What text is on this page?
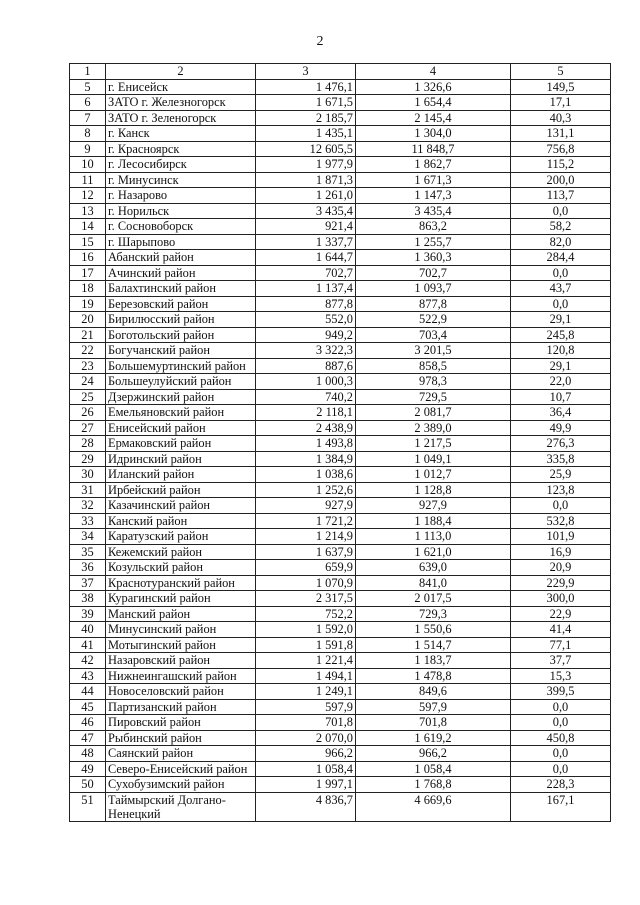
2
1	2	3	4	5
5	г. Енисейск	1 476,1	1 326,6	149,5
6	ЗАТО г. Железногорск	1 671,5	1 654,4	17,1
7	ЗАТО г. Зеленогорск	2 185,7	2 145,4	40,3
8	г. Канск	1 435,1	1 304,0	131,1
9	г. Красноярск	12 605,5	11 848,7	756,8
10	г. Лесосибирск	1 977,9	1 862,7	115,2
11	г. Минусинск	1 871,3	1 671,3	200,0
12	г. Назарово	1 261,0	1 147,3	113,7
13	г. Норильск	3 435,4	3 435,4	0,0
14	г. Сосновоборск	921,4	863,2	58,2
15	г. Шарыпово	1 337,7	1 255,7	82,0
16	Абанский район	1 644,7	1 360,3	284,4
17	Ачинский район	702,7	702,7	0,0
18	Балахтинский район	1 137,4	1 093,7	43,7
19	Березовский район	877,8	877,8	0,0
20	Бирилюсский район	552,0	522,9	29,1
21	Боготольский район	949,2	703,4	245,8
22	Богучанский район	3 322,3	3 201,5	120,8
23	Большемуртинский район	887,6	858,5	29,1
24	Большеулуйский район	1 000,3	978,3	22,0
25	Дзержинский район	740,2	729,5	10,7
26	Емельяновский район	2 118,1	2 081,7	36,4
27	Енисейский район	2 438,9	2 389,0	49,9
28	Ермаковский район	1 493,8	1 217,5	276,3
29	Идринский район	1 384,9	1 049,1	335,8
30	Иланский район	1 038,6	1 012,7	25,9
31	Ирбейский район	1 252,6	1 128,8	123,8
32	Казачинский район	927,9	927,9	0,0
33	Канский район	1 721,2	1 188,4	532,8
34	Каратузский район	1 214,9	1 113,0	101,9
35	Кежемский район	1 637,9	1 621,0	16,9
36	Козульский район	659,9	639,0	20,9
37	Краснотуранский район	1 070,9	841,0	229,9
38	Курагинский район	2 317,5	2 017,5	300,0
39	Манский район	752,2	729,3	22,9
40	Минусинский район	1 592,0	1 550,6	41,4
41	Мотыгинский район	1 591,8	1 514,7	77,1
42	Назаровский район	1 221,4	1 183,7	37,7
43	Нижнеингашский район	1 494,1	1 478,8	15,3
44	Новоселовский район	1 249,1	849,6	399,5
45	Партизанский район	597,9	597,9	0,0
46	Пировский район	701,8	701,8	0,0
47	Рыбинский район	2 070,0	1 619,2	450,8
48	Саянский район	966,2	966,2	0,0
49	Северо-Енисейский район	1 058,4	1 058,4	0,0
50	Сухобузимский район	1 997,1	1 768,8	228,3
51	Таймырский Долгано-Ненецкий	4 836,7	4 669,6	167,1
